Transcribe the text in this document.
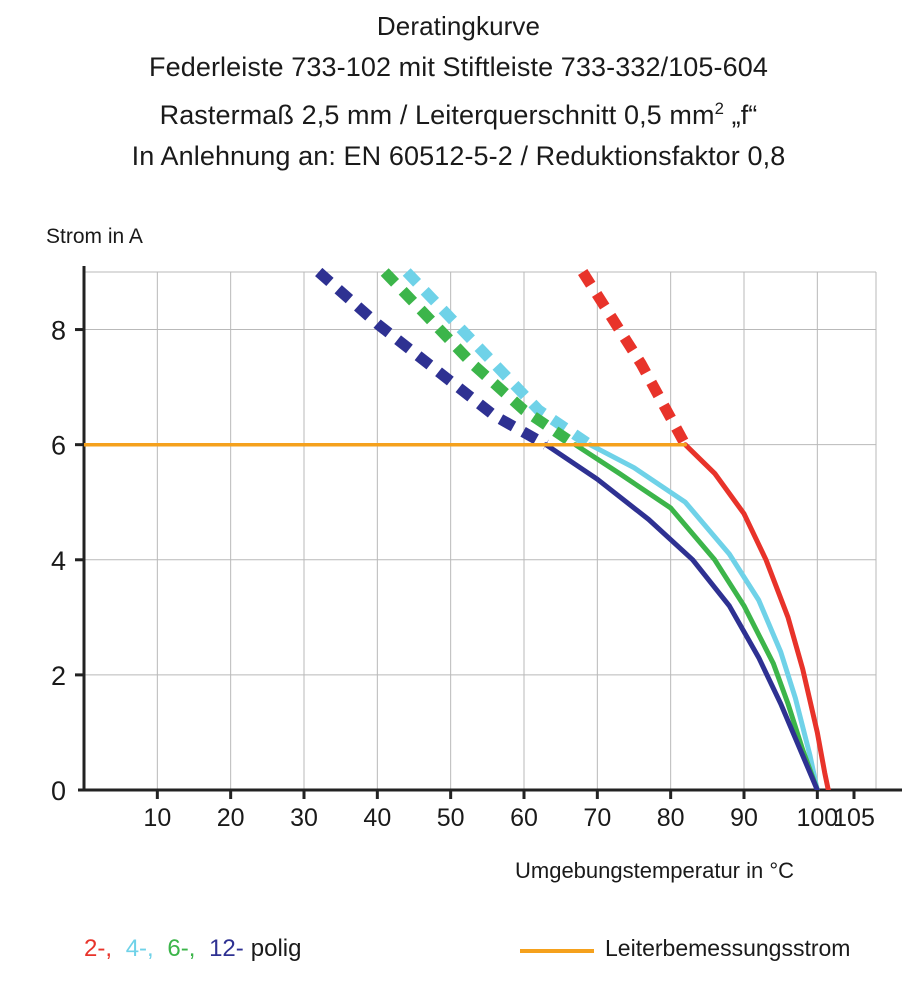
Deratingkurve
Federleiste 733-102 mit Stiftleiste 733-332/105-604
Rastermaß 2,5 mm / Leiterquerschnitt 0,5 $mm^2$ „f“
In Anlehnung an: EN 60512-5-2 / Reduktionsfaktor 0,8
Strom in A
Umgebungstemperatur in °C
10 20 30 40 50 60 70 80 90 100
105
0
2
4
6
8
2-, 4-, 6-, 12- polig	Leiterbemessungsstrom
